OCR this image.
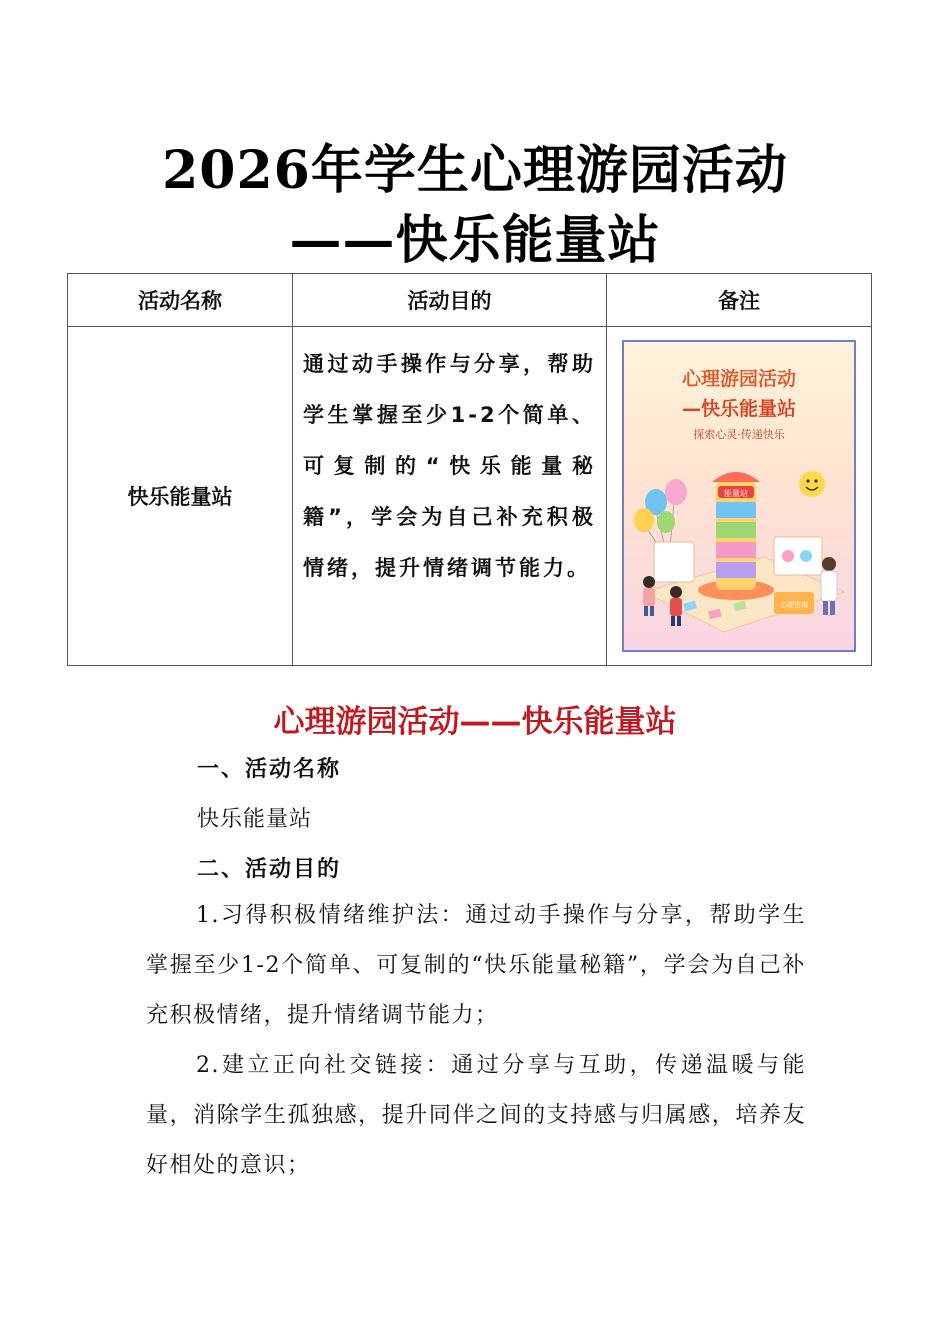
2026年学生心理游园活动
——快乐能量站
活动名称	活动目的	备注
快乐能量站	通过动手操作与分享，帮助学生掌握至少1-2个简单、可复制的“快乐能量秘籍”，学会为自己补充积极情绪，提升情绪调节能力。	心理游园活动
—快乐能量站
探索心灵·传递快乐
能量站
心理咨询
心理游园活动——快乐能量站
一、活动名称
快乐能量站
二、活动目的
1.习得积极情绪维护法：通过动手操作与分享，帮助学生掌握至少1-2个简单、可复制的“快乐能量秘籍”，学会为自己补充积极情绪，提升情绪调节能力；
2.建立正向社交链接：通过分享与互助，传递温暖与能量，消除学生孤独感，提升同伴之间的支持感与归属感，培养友好相处的意识；
